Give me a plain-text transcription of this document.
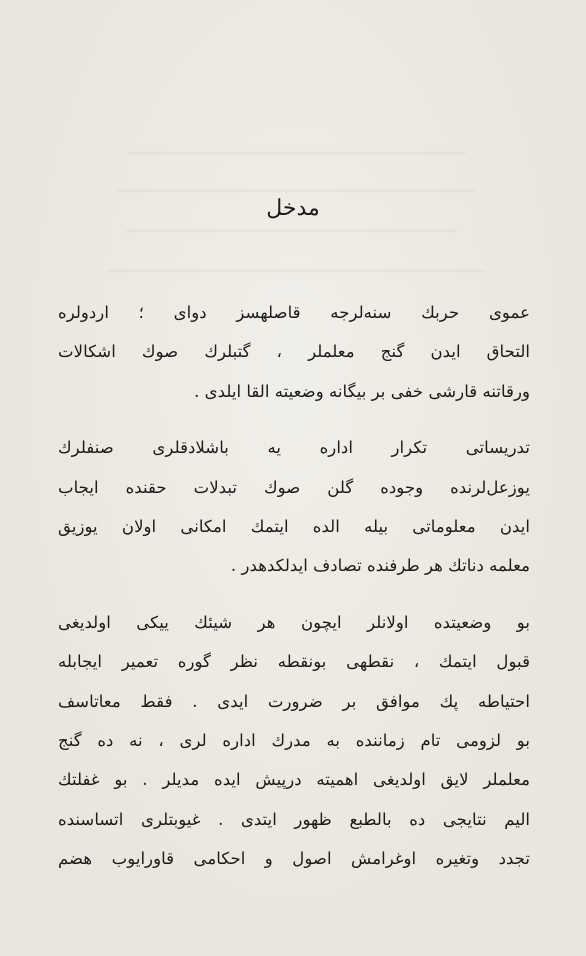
مدخل
عموی حربك سنه‌لرجه قاصلهسز دوای ؛ اردولره
التحاق ایدن گنج معلملر ، گتبلرك صوك اشکالات
ورقاتنه قارشی خفی بر بیگانه وضعیته القا ایلدی .
تدریساتی تکرار اداره یه باشلادقلری صنفلرك
یوزعل‌لرنده وجوده گلن صوك تبدلات حقنده ایجاب
ایدن معلوماتی بیله الده ایتمك امکانی اولان یوزیق
معلمه دناتك هر طرفنده تصادف ایدلکدهدر .
بو وضعیتده اولانلر ایچون هر شیئك ییکی اولدیغی
قبول ایتمك ، نقطهی بونقطه نظر گوره تعمیر ایجابله
احتیاطه پك موافق بر ضرورت ایدی . فقط معاتاسف
بو لزومی تام زماننده به مدرك اداره لری ، نه ده گنج
معلملر لایق اولدیغی اهمیته درپیش ایده مدیلر . بو غفلتك
الیم نتایجی ده بالطبع ظهور ایتدی . غیوبتلری اتساسنده
تجدد وتغیره اوغرامش اصول و احکامی قاورایوب هضم
